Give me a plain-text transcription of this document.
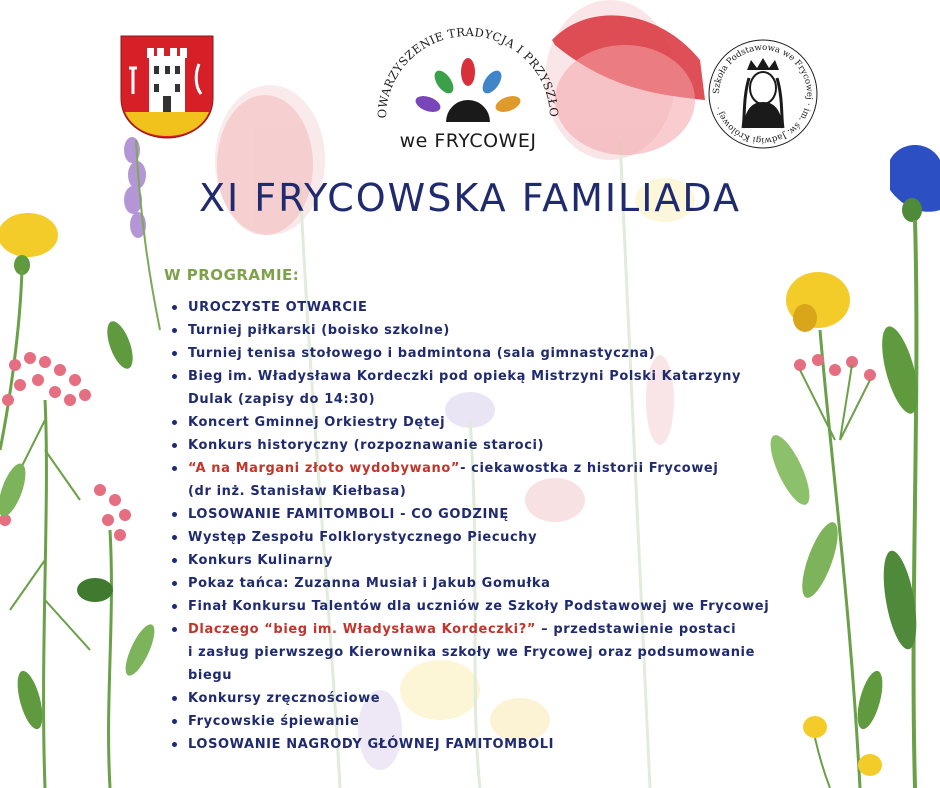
OWARZYSZENIE TRADYCJA I PRZYSZŁO
we FRYCOWEJ
Szkoła Podstawowa we Frycowej · im. św. Jadwigi Królowej ·
XI FRYCOWSKA FAMILIADA
W PROGRAMIE:
UROCZYSTE OTWARCIE
Turniej piłkarski (boisko szkolne)
Turniej tenisa stołowego i badmintona (sala gimnastyczna)
Bieg im. Władysława Kordeczki pod opieką Mistrzyni Polski Katarzyny
Dulak (zapisy do 14:30)
Koncert Gminnej Orkiestry Dętej
Konkurs historyczny (rozpoznawanie staroci)
“A na Margani złoto wydobywano”- ciekawostka z historii Frycowej
(dr inż. Stanisław Kiełbasa)
LOSOWANIE FAMITOMBOLI - CO GODZINĘ
Występ Zespołu Folklorystycznego Piecuchy
Konkurs Kulinarny
Pokaz tańca: Zuzanna Musiał i Jakub Gomułka
Finał Konkursu Talentów dla uczniów ze Szkoły Podstawowej we Frycowej
Dlaczego “bieg im. Władysława Kordeczki?” – przedstawienie postaci
i zasług pierwszego Kierownika szkoły we Frycowej oraz podsumowanie
biegu
Konkursy zręcznościowe
Frycowskie śpiewanie
LOSOWANIE NAGRODY GŁÓWNEJ FAMITOMBOLI
